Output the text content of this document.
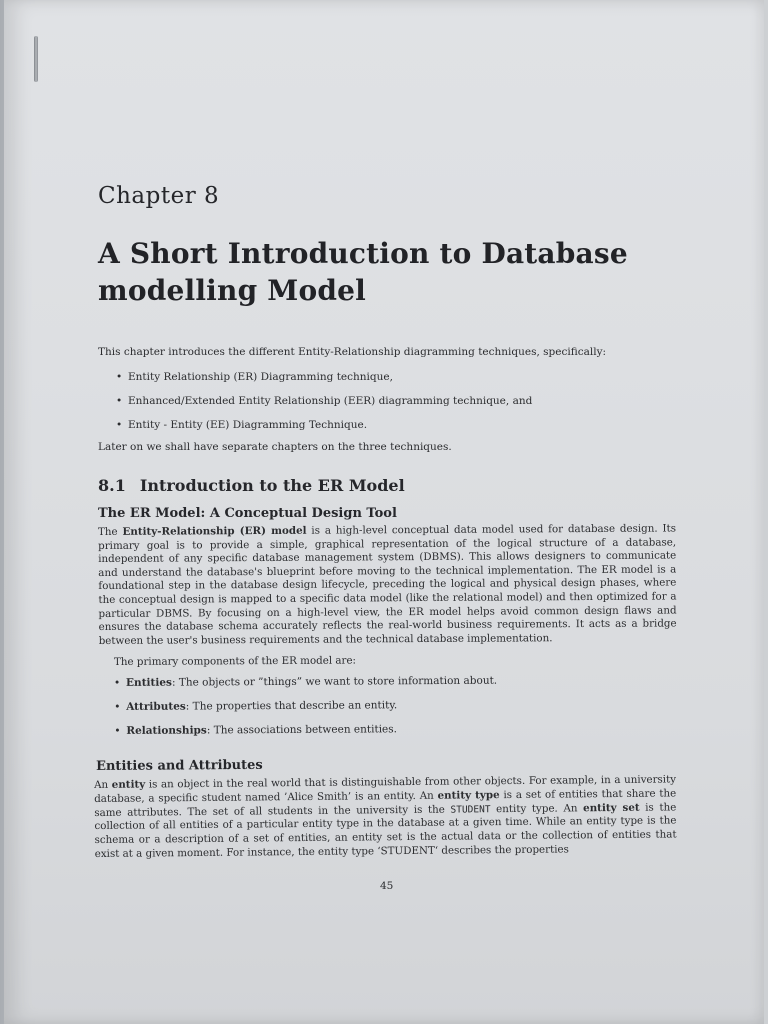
Chapter 8
A Short Introduction to Database
modelling Model
This chapter introduces the different Entity-Relationship diagramming techniques, specifically:
• Entity Relationship (ER) Diagramming technique,
• Enhanced/Extended Entity Relationship (EER) diagramming technique, and
• Entity - Entity (EE) Diagramming Technique.
Later on we shall have separate chapters on the three techniques.
8.1 Introduction to the ER Model
The ER Model: A Conceptual Design Tool
The Entity-Relationship (ER) model is a high-level conceptual data model used for database design. Its primary goal is to provide a simple, graphical representation of the logical structure of a database, independent of any specific database management system (DBMS). This allows designers to communicate and understand the database's blueprint before moving to the technical implementation. The ER model is a foundational step in the database design lifecycle, preceding the logical and physical design phases, where the conceptual design is mapped to a specific data model (like the relational model) and then optimized for a particular DBMS. By focusing on a high-level view, the ER model helps avoid common design flaws and ensures the database schema accurately reflects the real-world business requirements. It acts as a bridge between the user's business requirements and the technical database implementation.
The primary components of the ER model are:
• Entities: The objects or ”things” we want to store information about.
• Attributes: The properties that describe an entity.
• Relationships: The associations between entities.
Entities and Attributes
An entity is an object in the real world that is distinguishable from other objects. For example, in a university database, a specific student named ’Alice Smith’ is an entity. An entity type is a set of entities that share the same attributes. The set of all students in the university is the STUDENT entity type. An entity set is the collection of all entities of a particular entity type in the database at a given time. While an entity type is the schema or a description of a set of entities, an entity set is the actual data or the collection of entities that exist at a given moment. For instance, the entity type ‘STUDENT‘ describes the properties
45
